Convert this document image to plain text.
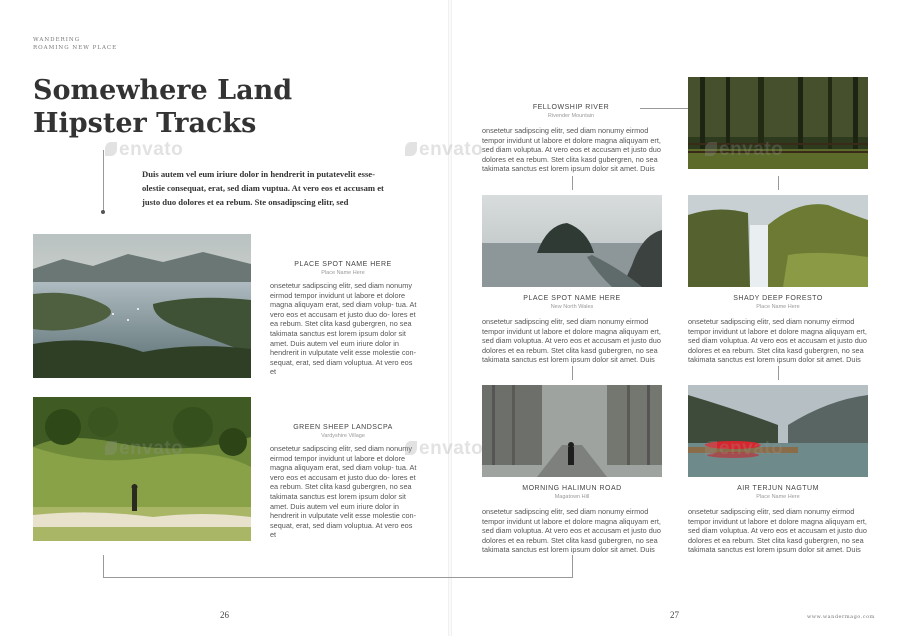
WANDERING
ROAMING NEW PLACE
Somewhere Land
Hipster Tracks
Duis autem vel eum iriure dolor in hendrerit in putatevelit esse- olestie consequat, erat, sed diam vuptua. At vero eos et accusam et justo duo dolores et ea rebum. Ste onsadipscing elitr, sed
PLACE SPOT NAME HERE
Place Name Here
onsetetur sadipscing elitr, sed diam nonumy eirmod tempor invidunt ut labore et dolore magna aliquyam erat, sed diam volup- tua. At vero eos et accusam et justo duo do- lores et ea rebum. Stet clita kasd gubergren, no sea takimata sanctus est lorem ipsum dolor sit amet. Duis autem vel eum iriure dolor in hendrerit in vulputate velit esse molestie con- sequat, erat, sed diam voluptua. At vero eos et
GREEN SHEEP LANDSCPA
Vardyshire Village
onsetetur sadipscing elitr, sed diam nonumy eirmod tempor invidunt ut labore et dolore magna aliquyam erat, sed diam volup- tua. At vero eos et accusam et justo duo do- lores et ea rebum. Stet clita kasd gubergren, no sea takimata sanctus est lorem ipsum dolor sit amet. Duis autem vel eum iriure dolor in hendrerit in vulputate velit esse molestie con- sequat, erat, sed diam voluptua. At vero eos et
FELLOWSHIP RIVER
Rivender Mountain
onsetetur sadipscing elitr, sed diam nonumy eirmod tempor invidunt ut labore et dolore magna aliquyam ert, sed diam voluptua. At vero eos et accusam et justo duo dolores et ea rebum. Stet clita kasd gubergren, no sea takimata sanctus est lorem ipsum dolor sit amet. Duis
PLACE SPOT NAME HERE
New North Wales
onsetetur sadipscing elitr, sed diam nonumy eirmod tempor invidunt ut labore et dolore magna aliquyam ert, sed diam voluptua. At vero eos et accusam et justo duo dolores et ea rebum. Stet clita kasd gubergren, no sea takimata sanctus est lorem ipsum dolor sit amet. Duis
SHADY DEEP FORESTO
Place Name Here
onsetetur sadipscing elitr, sed diam nonumy eirmod tempor invidunt ut labore et dolore magna aliquyam ert, sed diam voluptua. At vero eos et accusam et justo duo dolores et ea rebum. Stet clita kasd gubergren, no sea takimata sanctus est lorem ipsum dolor sit amet. Duis
MORNING HALIMUN ROAD
Magatown Hill
onsetetur sadipscing elitr, sed diam nonumy eirmod tempor invidunt ut labore et dolore magna aliquyam ert, sed diam voluptua. At vero eos et accusam et justo duo dolores et ea rebum. Stet clita kasd gubergren, no sea takimata sanctus est lorem ipsum dolor sit amet. Duis
AIR TERJUN NAGTUM
Place Name Here
onsetetur sadipscing elitr, sed diam nonumy eirmod tempor invidunt ut labore et dolore magna aliquyam ert, sed diam voluptua. At vero eos et accusam et justo duo dolores et ea rebum. Stet clita kasd gubergren, no sea takimata sanctus est lorem ipsum dolor sit amet. Duis
envato	envato	envato
envato	envato	envato
26	27	www.wandermago.com
